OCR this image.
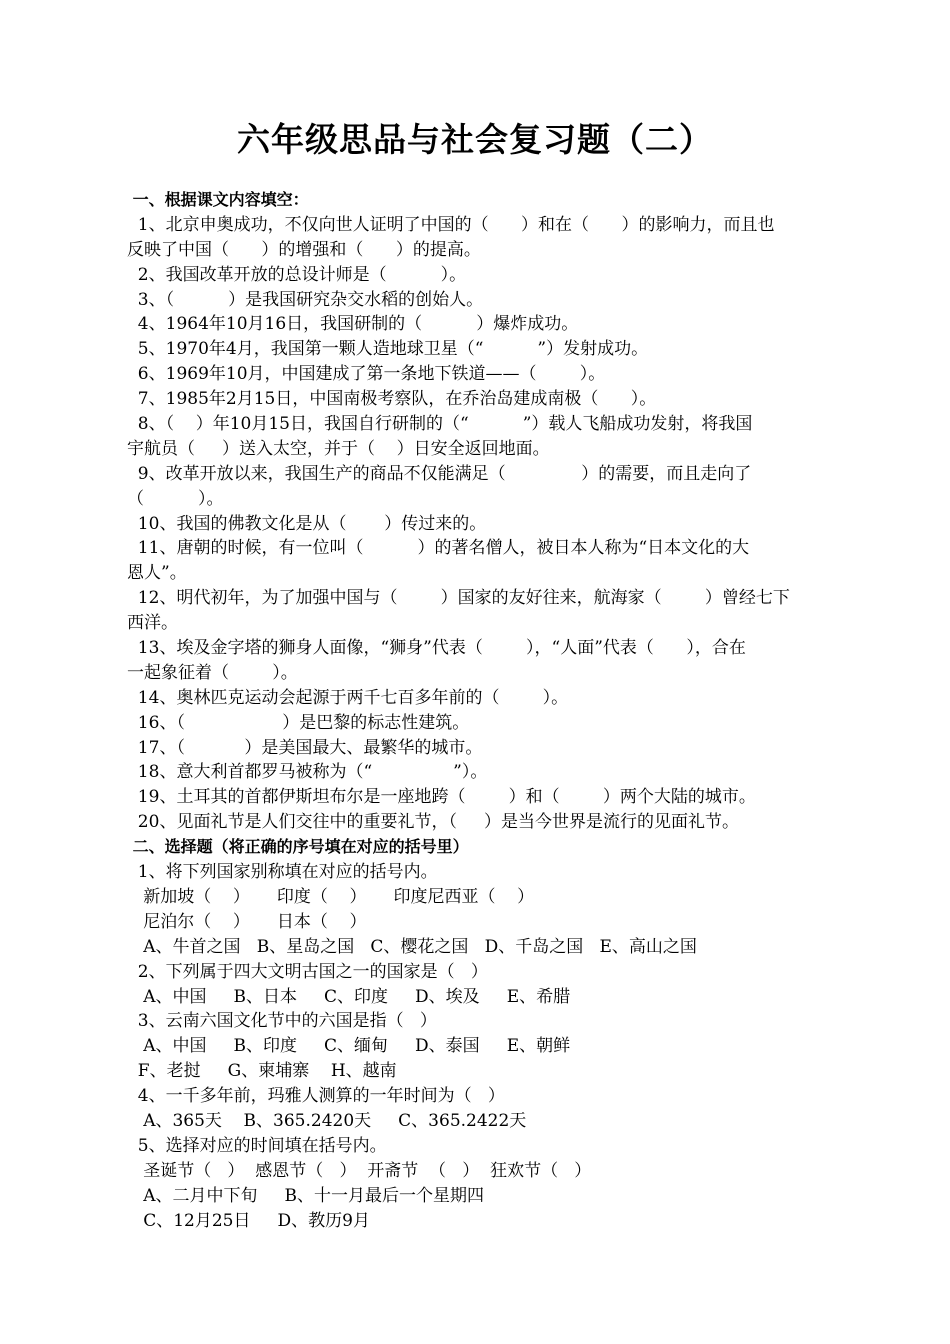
六年级思品与社会复习题（二）
一、根据课文内容填空：
1、北京申奥成功，不仅向世人证明了中国的（      ）和在（      ）的影响力，而且也
反映了中国（      ）的增强和（      ）的提高。
2、我国改革开放的总设计师是（          ）。
3、（          ）是我国研究杂交水稻的创始人。
4、1964年10月16日，我国研制的（          ）爆炸成功。
5、1970年4月，我国第一颗人造地球卫星（“          ”）发射成功。
6、1969年10月，中国建成了第一条地下铁道——（        ）。
7、1985年2月15日，中国南极考察队，在乔治岛建成南极（      ）。
8、（    ）年10月15日，我国自行研制的（“          ”）载人飞船成功发射，将我国
宇航员（     ）送入太空，并于（    ）日安全返回地面。
9、改革开放以来，我国生产的商品不仅能满足（              ）的需要，而且走向了
（          ）。
10、我国的佛教文化是从（       ）传过来的。
11、唐朝的时候，有一位叫（          ）的著名僧人，被日本人称为“日本文化的大
恩人”。
12、明代初年，为了加强中国与（        ）国家的友好往来，航海家（        ）曾经七下
西洋。
13、埃及金字塔的狮身人面像，“狮身”代表（        ），“人面”代表（      ），合在
一起象征着（        ）。
14、奥林匹克运动会起源于两千七百多年前的（        ）。
16、（                  ）是巴黎的标志性建筑。
17、（           ）是美国最大、最繁华的城市。
18、意大利首都罗马被称为（“               ”）。
19、土耳其的首都伊斯坦布尔是一座地跨（        ）和（        ）两个大陆的城市。
20、见面礼节是人们交往中的重要礼节，（     ）是当今世界是流行的见面礼节。
二、选择题（将正确的序号填在对应的括号里）
1、将下列国家别称填在对应的括号内。
新加坡（    ）     印度（    ）     印度尼西亚（    ）
尼泊尔（    ）     日本（    ）
A、牛首之国   B、星岛之国   C、樱花之国   D、千岛之国   E、高山之国
2、下列属于四大文明古国之一的国家是（   ）
A、中国     B、日本     C、印度     D、埃及     E、希腊
3、云南六国文化节中的六国是指（   ）
A、中国     B、印度     C、缅甸     D、泰国     E、朝鲜
F、老挝     G、柬埔寨    H、越南
4、一千多年前，玛雅人测算的一年时间为（   ）
A、365天    B、365.2420天     C、365.2422天
5、选择对应的时间填在括号内。
圣诞节（   ）  感恩节（   ）  开斋节  （   ）  狂欢节（   ）
A、二月中下旬     B、十一月最后一个星期四
C、12月25日     D、教历9月
